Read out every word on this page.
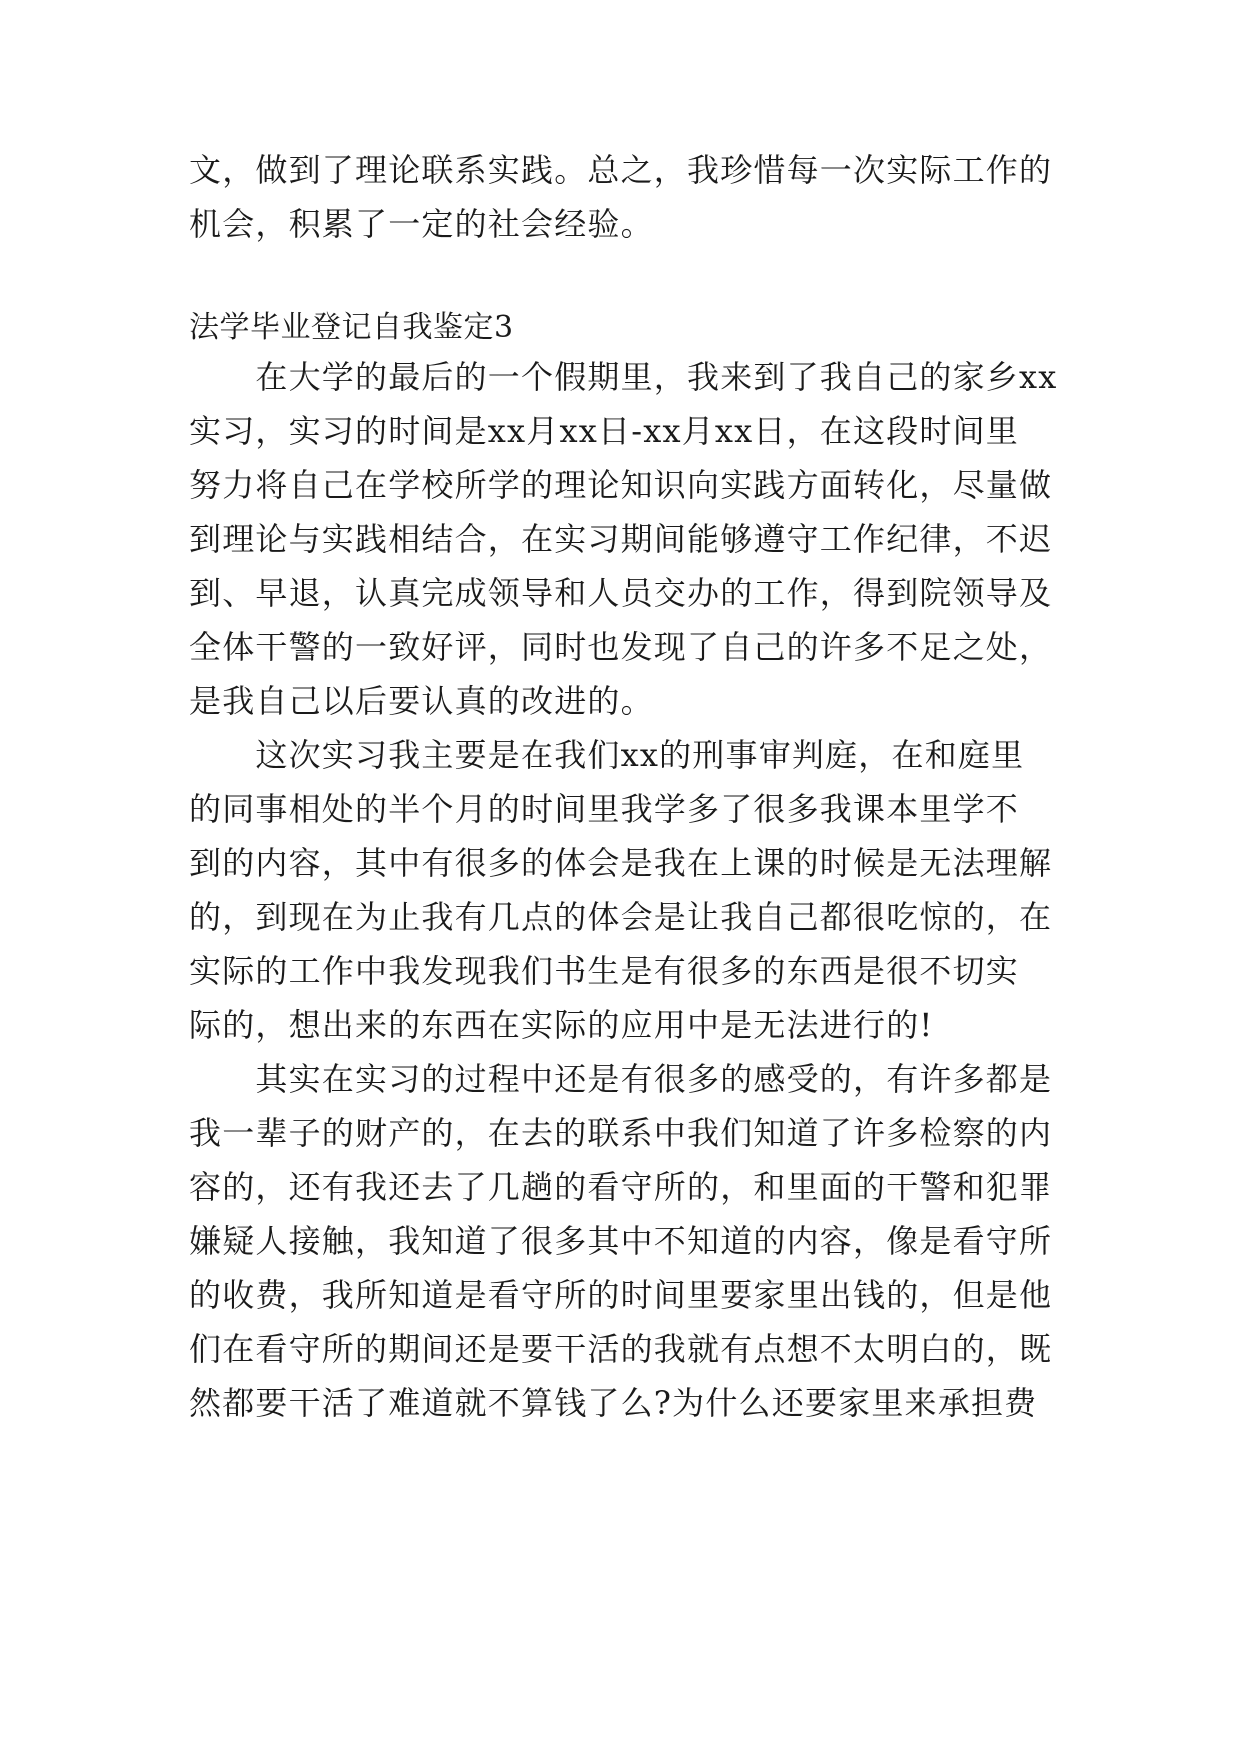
文，做到了理论联系实践。总之，我珍惜每一次实际工作的
机会，积累了一定的社会经验。
法学毕业登记自我鉴定3
　　在大学的最后的一个假期里，我来到了我自己的家乡xx
实习，实习的时间是xx月xx日-xx月xx日，在这段时间里
努力将自己在学校所学的理论知识向实践方面转化，尽量做
到理论与实践相结合，在实习期间能够遵守工作纪律，不迟
到、早退，认真完成领导和人员交办的工作，得到院领导及
全体干警的一致好评，同时也发现了自己的许多不足之处，
是我自己以后要认真的改进的。
　　这次实习我主要是在我们xx的刑事审判庭，在和庭里
的同事相处的半个月的时间里我学多了很多我课本里学不
到的内容，其中有很多的体会是我在上课的时候是无法理解
的，到现在为止我有几点的体会是让我自己都很吃惊的，在
实际的工作中我发现我们书生是有很多的东西是很不切实
际的，想出来的东西在实际的应用中是无法进行的!
　　其实在实习的过程中还是有很多的感受的，有许多都是
我一辈子的财产的，在去的联系中我们知道了许多检察的内
容的，还有我还去了几趟的看守所的，和里面的干警和犯罪
嫌疑人接触，我知道了很多其中不知道的内容，像是看守所
的收费，我所知道是看守所的时间里要家里出钱的，但是他
们在看守所的期间还是要干活的我就有点想不太明白的，既
然都要干活了难道就不算钱了么?为什么还要家里来承担费
